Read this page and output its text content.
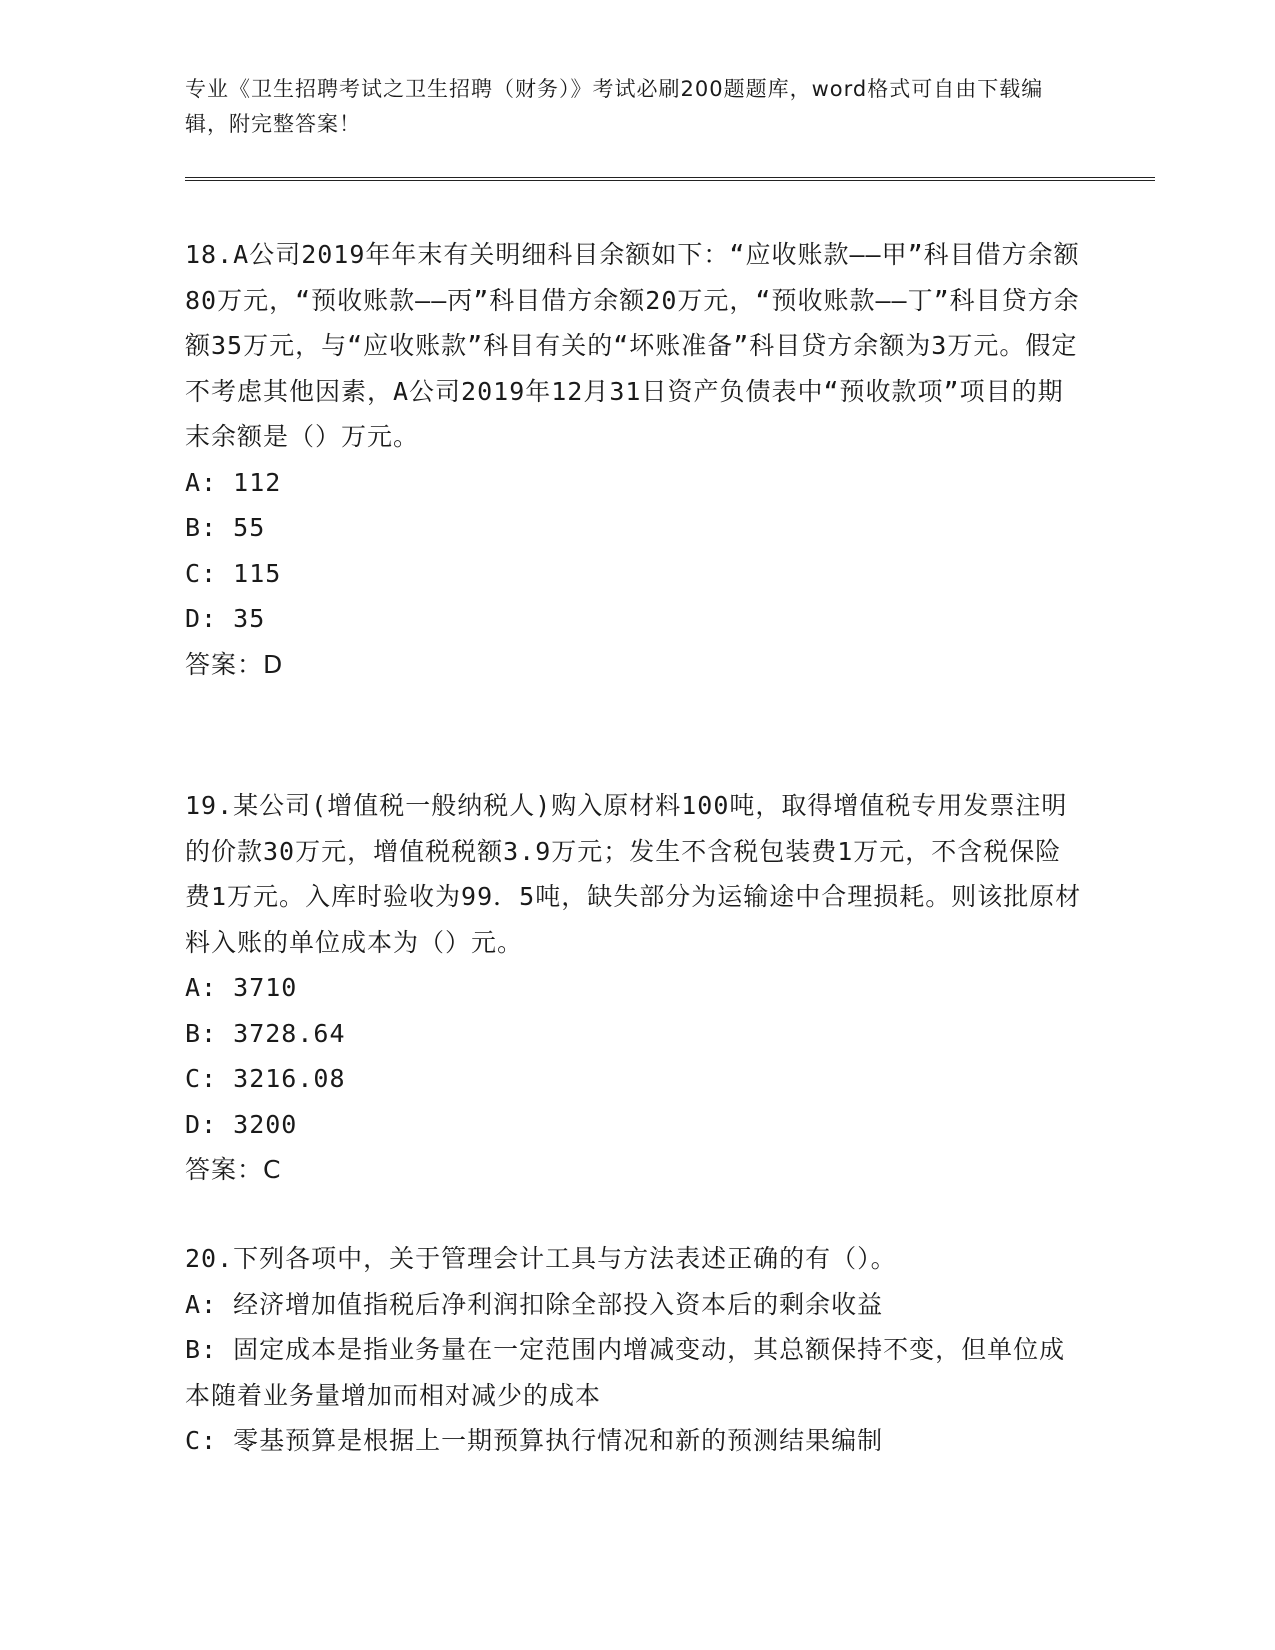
专业《卫生招聘考试之卫生招聘（财务）》考试必刷200题题库，word格式可自由下载编辑，附完整答案！

18.A公司2019年年末有关明细科目余额如下：“应收账款——甲”科目借方余额80万元，“预收账款——丙”科目借方余额20万元，“预收账款——丁”科目贷方余额35万元，与“应收账款”科目有关的“坏账准备”科目贷方余额为3万元。假定不考虑其他因素，A公司2019年12月31日资产负债表中“预收款项”项目的期末余额是（）万元。

A: 112

B: 55

C: 115

D: 35

答案：D

19.某公司(增值税一般纳税人)购入原材料100吨，取得增值税专用发票注明的价款30万元，增值税税额3.9万元；发生不含税包装费1万元，不含税保险费1万元。入库时验收为99．5吨，缺失部分为运输途中合理损耗。则该批原材料入账的单位成本为（）元。

A: 3710

B: 3728.64

C: 3216.08

D: 3200

答案：C

20.下列各项中，关于管理会计工具与方法表述正确的有（）。

A: 经济增加值指税后净利润扣除全部投入资本后的剩余收益

B: 固定成本是指业务量在一定范围内增减变动，其总额保持不变，但单位成本随着业务量增加而相对减少的成本

C: 零基预算是根据上一期预算执行情况和新的预测结果编制
